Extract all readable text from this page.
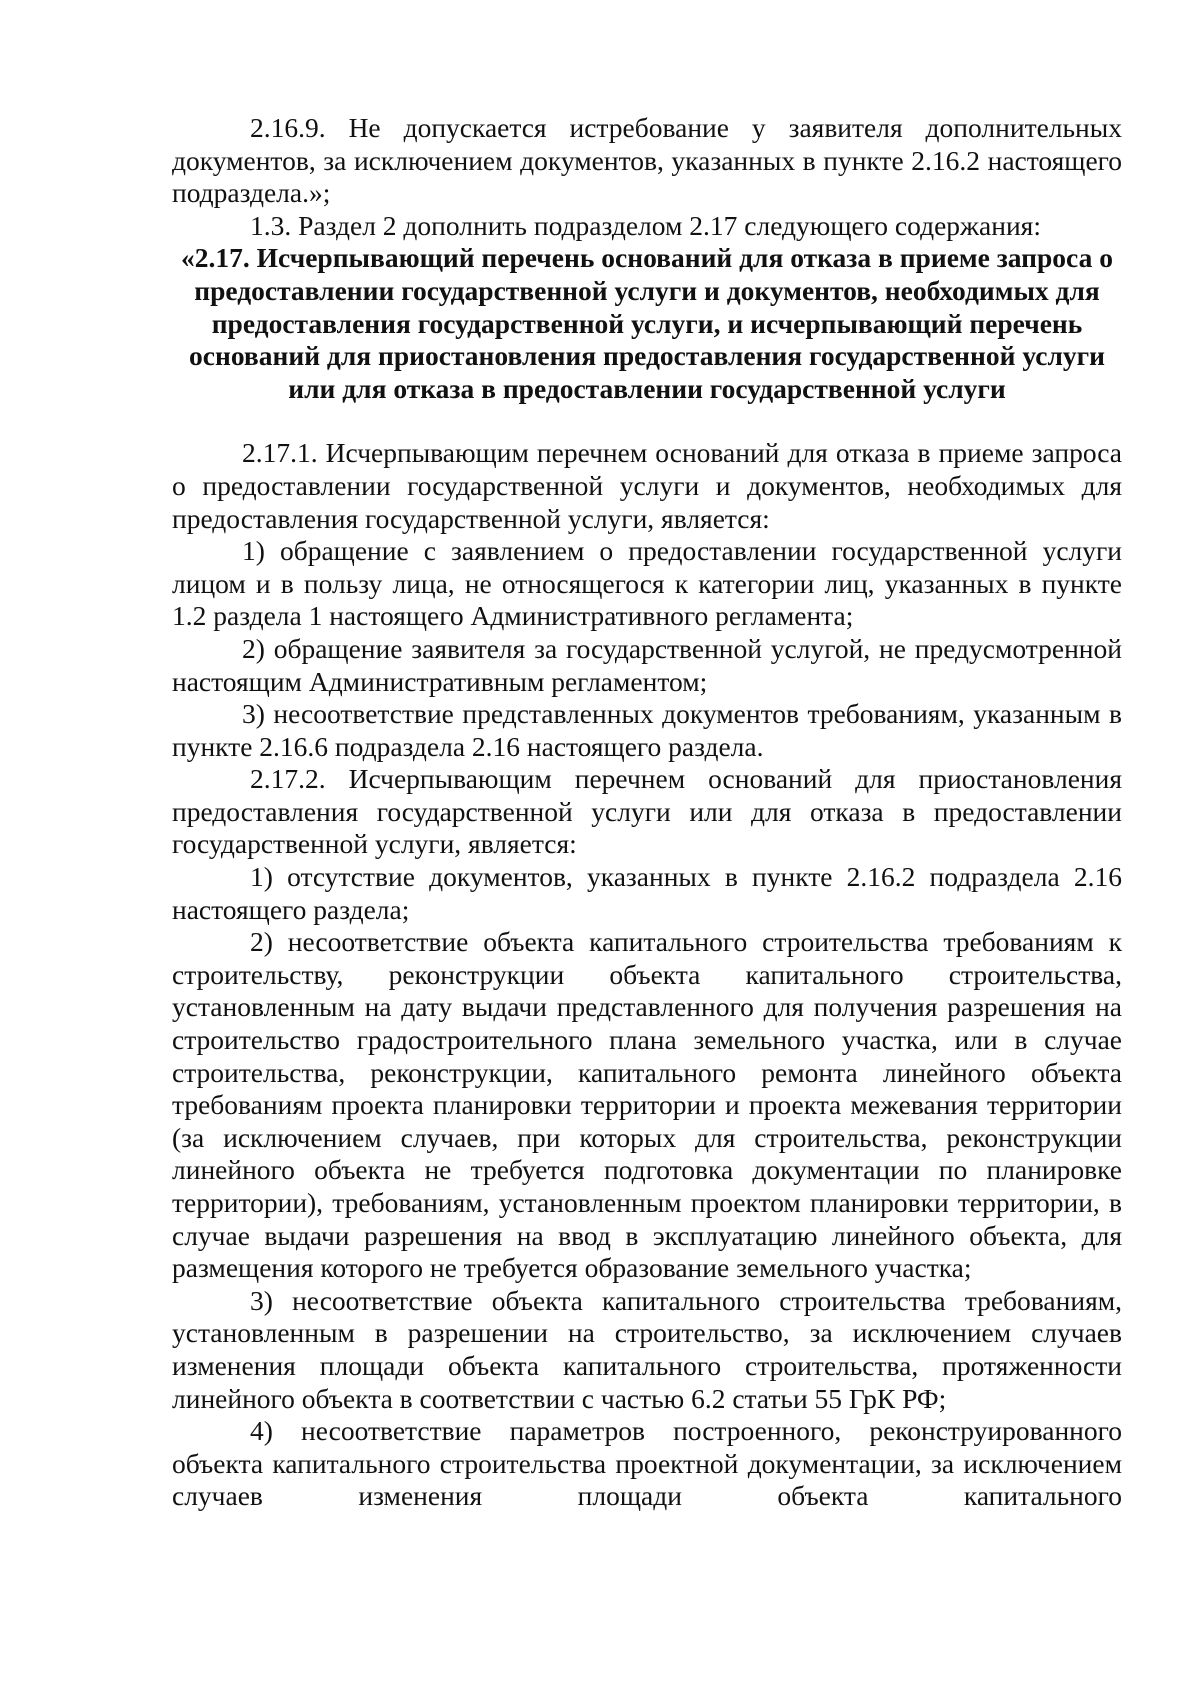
2.16.9. Не допускается истребование у заявителя дополнительных документов, за исключением документов, указанных в пункте 2.16.2 настоящего подраздела.»;

1.3. Раздел 2 дополнить подразделом 2.17 следующего содержания:

«2.17. Исчерпывающий перечень оснований для отказа в приеме запроса о предоставлении государственной услуги и документов, необходимых для предоставления государственной услуги, и исчерпывающий перечень оснований для приостановления предоставления государственной услуги или для отказа в предоставлении государственной услуги

2.17.1. Исчерпывающим перечнем оснований для отказа в приеме запроса о предоставлении государственной услуги и документов, необходимых для предоставления государственной услуги, является:

1) обращение с заявлением о предоставлении государственной услуги лицом и в пользу лица, не относящегося к категории лиц, указанных в пункте 1.2 раздела 1 настоящего Административного регламента;

2) обращение заявителя за государственной услугой, не предусмотренной настоящим Административным регламентом;

3) несоответствие представленных документов требованиям, указанным в пункте 2.16.6 подраздела 2.16 настоящего раздела.

2.17.2. Исчерпывающим перечнем оснований для приостановления предоставления государственной услуги или для отказа в предоставлении государственной услуги, является:

1) отсутствие документов, указанных в пункте 2.16.2 подраздела 2.16 настоящего раздела;

2) несоответствие объекта капитального строительства требованиям к строительству, реконструкции объекта капитального строительства, установленным на дату выдачи представленного для получения разрешения на строительство градостроительного плана земельного участка, или в случае строительства, реконструкции, капитального ремонта линейного объекта требованиям проекта планировки территории и проекта межевания территории (за исключением случаев, при которых для строительства, реконструкции линейного объекта не требуется подготовка документации по планировке территории), требованиям, установленным проектом планировки территории, в случае выдачи разрешения на ввод в эксплуатацию линейного объекта, для размещения которого не требуется образование земельного участка;

3) несоответствие объекта капитального строительства требованиям, установленным в разрешении на строительство, за исключением случаев изменения площади объекта капитального строительства, протяженности линейного объекта в соответствии с частью 6.2 статьи 55 ГрК РФ;

4) несоответствие параметров построенного, реконструированного объекта капитального строительства проектной документации, за исключением случаев изменения площади объекта капитального
